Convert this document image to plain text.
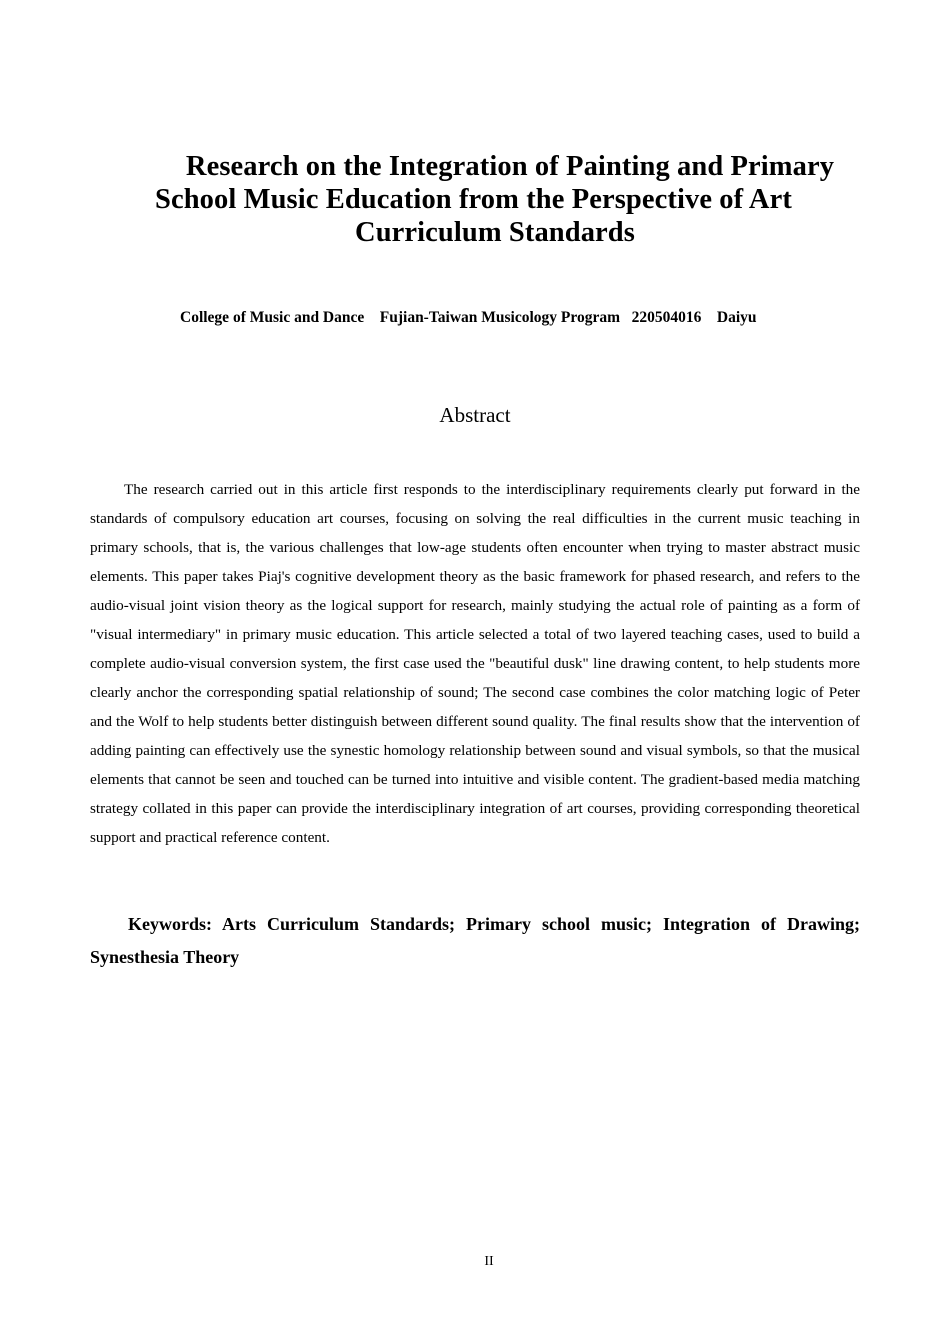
Research on the Integration of Painting and Primary
School Music Education from the Perspective of Art
Curriculum Standards
College of Music and Dance    Fujian-Taiwan Musicology Program   220504016    Daiyu
Abstract

The research carried out in this article first responds to the interdisciplinary requirements clearly put forward in the standards of compulsory education art courses, focusing on solving the real difficulties in the current music teaching in primary schools, that is, the various challenges that low-age students often encounter when trying to master abstract music elements. This paper takes Piaj's cognitive development theory as the basic framework for phased research, and refers to the audio-visual joint vision theory as the logical support for research, mainly studying the actual role of painting as a form of "visual intermediary" in primary music education. This article selected a total of two layered teaching cases, used to build a complete audio-visual conversion system, the first case used the "beautiful dusk" line drawing content, to help students more clearly anchor the corresponding spatial relationship of sound; The second case combines the color matching logic of Peter and the Wolf to help students better distinguish between different sound quality. The final results show that the intervention of adding painting can effectively use the synestic homology relationship between sound and visual symbols, so that the musical elements that cannot be seen and touched can be turned into intuitive and visible content. The gradient-based media matching strategy collated in this paper can provide the interdisciplinary integration of art courses, providing corresponding theoretical support and practical reference content.

Keywords: Arts Curriculum Standards; Primary school music; Integration of Drawing; Synesthesia Theory

II
